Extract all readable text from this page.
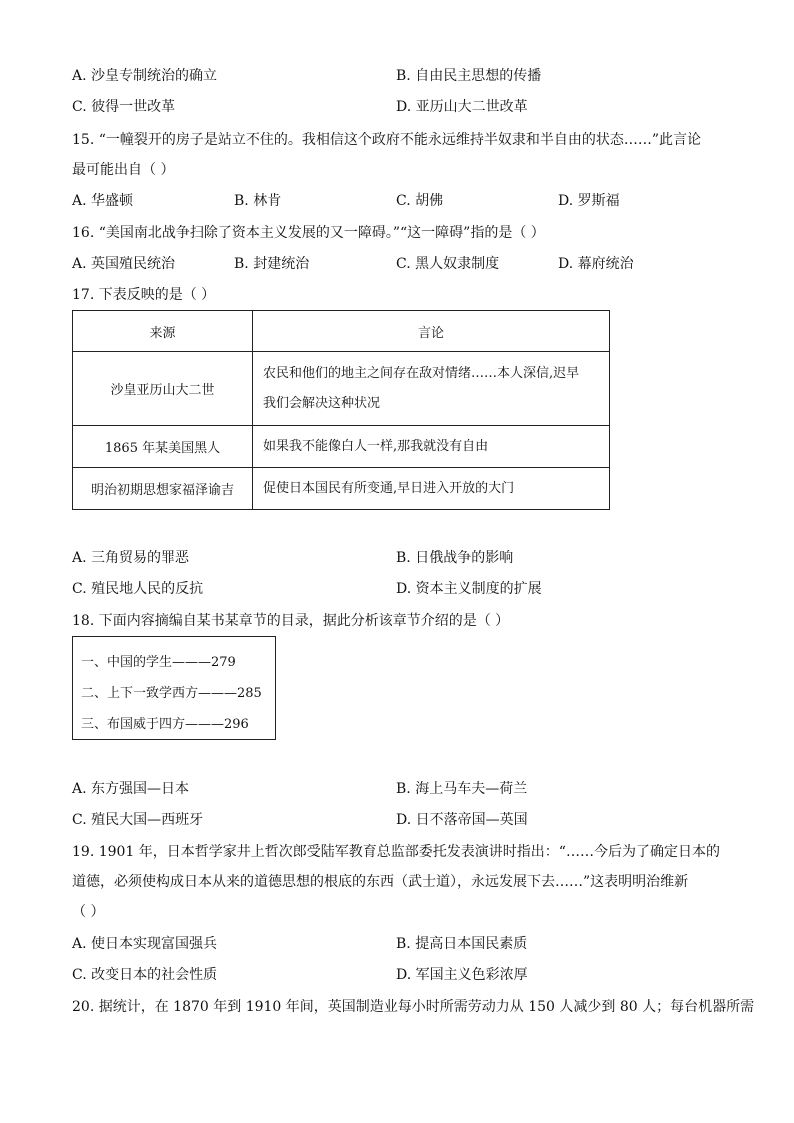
A. 沙皇专制统治的确立	B. 自由民主思想的传播
C. 彼得一世改革	D. 亚历山大二世改革
15. “一幢裂开的房子是站立不住的。我相信这个政府不能永远维持半奴隶和半自由的状态……”此言论
最可能出自（ ）
A. 华盛顿	B. 林肯	C. 胡佛	D. 罗斯福
16. “美国南北战争扫除了资本主义发展的又一障碍。”“这一障碍”指的是（ ）
A. 英国殖民统治	B. 封建统治	C. 黑人奴隶制度	D. 幕府统治
17. 下表反映的是（ ）
来源	言论
沙皇亚历山大二世	农民和他们的地主之间存在敌对情绪……本人深信,迟早
我们会解决这种状况

1865 年某美国黑人	如果我不能像白人一样,那我就没有自由
明治初期思想家福泽谕吉	促使日本国民有所变通,早日进入开放的大门
A. 三角贸易的罪恶	B. 日俄战争的影响
C. 殖民地人民的反抗	D. 资本主义制度的扩展
18. 下面内容摘编自某书某章节的目录，据此分析该章节介绍的是（ ）
一、中国的学生———279
二、上下一致学西方———285
三、布国威于四方———296
A. 东方强国—日本	B. 海上马车夫—荷兰
C. 殖民大国—西班牙	D. 日不落帝国—英国
19. 1901 年，日本哲学家井上哲次郎受陆军教育总监部委托发表演讲时指出：“……今后为了确定日本的
道德，必须使构成日本从来的道德思想的根底的东西（武士道），永远发展下去……”这表明明治维新
（ ）
A. 使日本实现富国强兵	B. 提高日本国民素质
C. 改变日本的社会性质	D. 军国主义色彩浓厚
20. 据统计，在 1870 年到 1910 年间，英国制造业每小时所需劳动力从 150 人减少到 80 人；每台机器所需
